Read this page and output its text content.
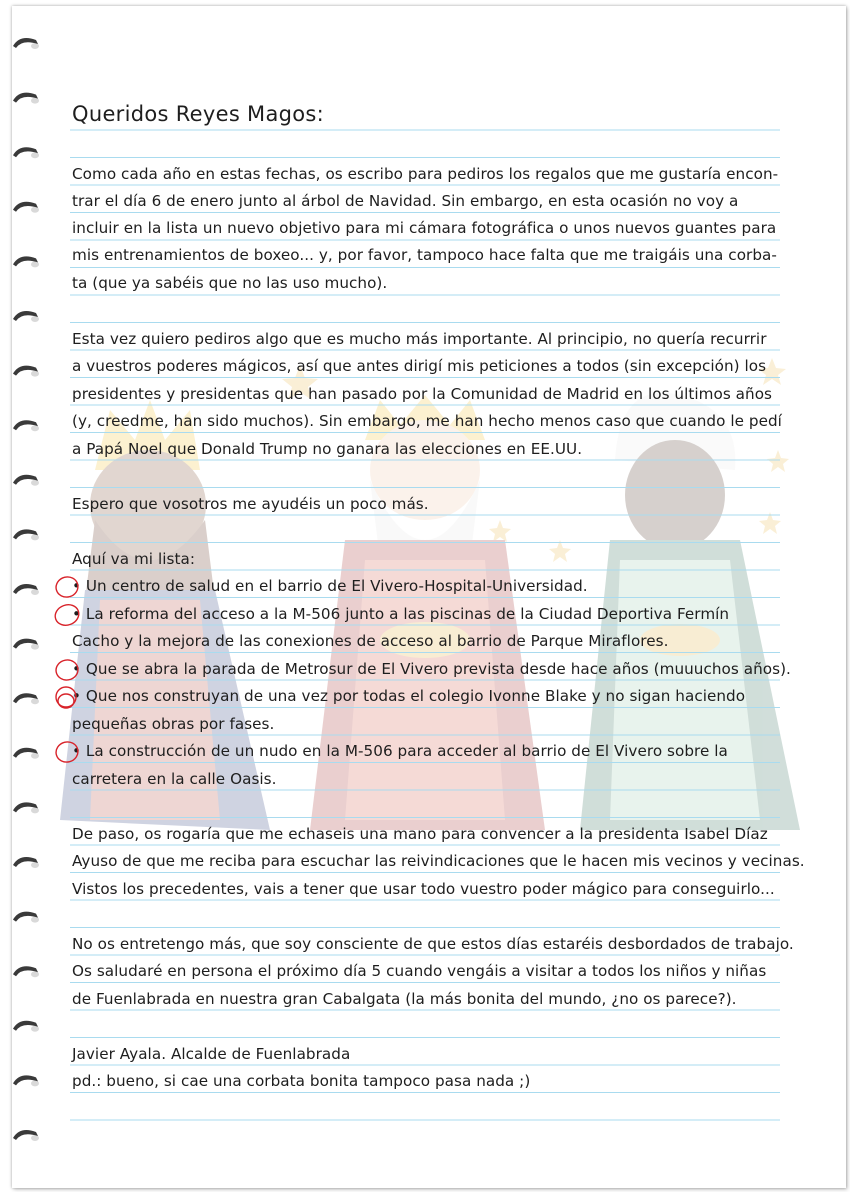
Queridos Reyes Magos:
Como cada año en estas fechas, os escribo para pediros los regalos que me gustaría encon-
trar el día 6 de enero junto al árbol de Navidad. Sin embargo, en esta ocasión no voy a
incluir en la lista un nuevo objetivo para mi cámara fotográfica o unos nuevos guantes para
mis entrenamientos de boxeo... y, por favor, tampoco hace falta que me traigáis una corba-
ta (que ya sabéis que no las uso mucho).
Esta vez quiero pediros algo que es mucho más importante. Al principio, no quería recurrir
a vuestros poderes mágicos, así que antes dirigí mis peticiones a todos (sin excepción) los
presidentes y presidentas que han pasado por la Comunidad de Madrid en los últimos años
(y, creedme, han sido muchos). Sin embargo, me han hecho menos caso que cuando le pedí
a Papá Noel que Donald Trump no ganara las elecciones en EE.UU.
Espero que vosotros me ayudéis un poco más.
Aquí va mi lista:
• Un centro de salud en el barrio de El Vivero-Hospital-Universidad.
• La reforma del acceso a la M-506 junto a las piscinas de la Ciudad Deportiva Fermín
Cacho y la mejora de las conexiones de acceso al barrio de Parque Miraflores.
• Que se abra la parada de Metrosur de El Vivero prevista desde hace años (muuuchos años).
• Que nos construyan de una vez por todas el colegio Ivonne Blake y no sigan haciendo
pequeñas obras por fases.
• La construcción de un nudo en la M-506 para acceder al barrio de El Vivero sobre la
carretera en la calle Oasis.
De paso, os rogaría que me echaseis una mano para convencer a la presidenta Isabel Díaz
Ayuso de que me reciba para escuchar las reivindicaciones que le hacen mis vecinos y vecinas.
Vistos los precedentes, vais a tener que usar todo vuestro poder mágico para conseguirlo...
No os entretengo más, que soy consciente de que estos días estaréis desbordados de trabajo.
Os saludaré en persona el próximo día 5 cuando vengáis a visitar a todos los niños y niñas
de Fuenlabrada en nuestra gran Cabalgata (la más bonita del mundo, ¿no os parece?).
Javier Ayala. Alcalde de Fuenlabrada
pd.: bueno, si cae una corbata bonita tampoco pasa nada ;)
